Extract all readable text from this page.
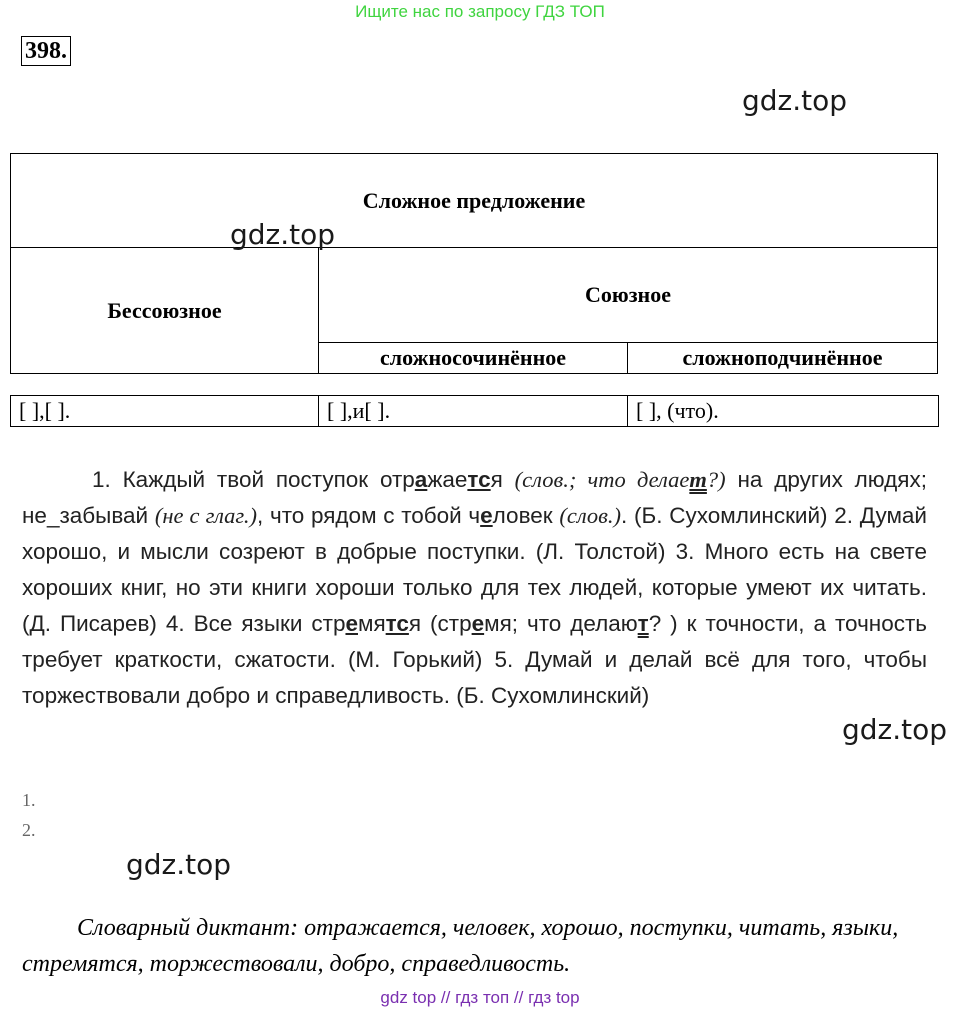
Ищите нас по запросу ГДЗ ТОП
398.
gdz.top
Сложное предложение
Бессоюзное
Союзное
сложносочинённое	сложноподчинённое
gdz.top
[ ],[ ].	[ ],и[ ].	[ ], (что).

1. Каждый твой поступок отражается (слов.; что делает?) на других людях; не_забывай (не с глаг.), что рядом с тобой человек (слов.). (Б. Сухомлинский) 2. Думай хорошо, и мысли созреют в добрые поступки. (Л. Толстой) 3. Много есть на свете хороших книг, но эти книги хороши только для тех людей, которые умеют их читать. (Д. Писарев) 4. Все языки стремятся (стремя; что делают? ) к точности, а точность требует краткости, сжатости. (М. Горький) 5. Думай и делай всё для того, чтобы торжествовали добро и справедливость. (Б. Сухомлинский)

gdz.top
1.
2.
gdz.top

Словарный диктант: отражается, человек, хорошо, поступки, читать, языки, стремятся, торжествовали, добро, справедливость.

gdz top // гдз топ // гдз top
